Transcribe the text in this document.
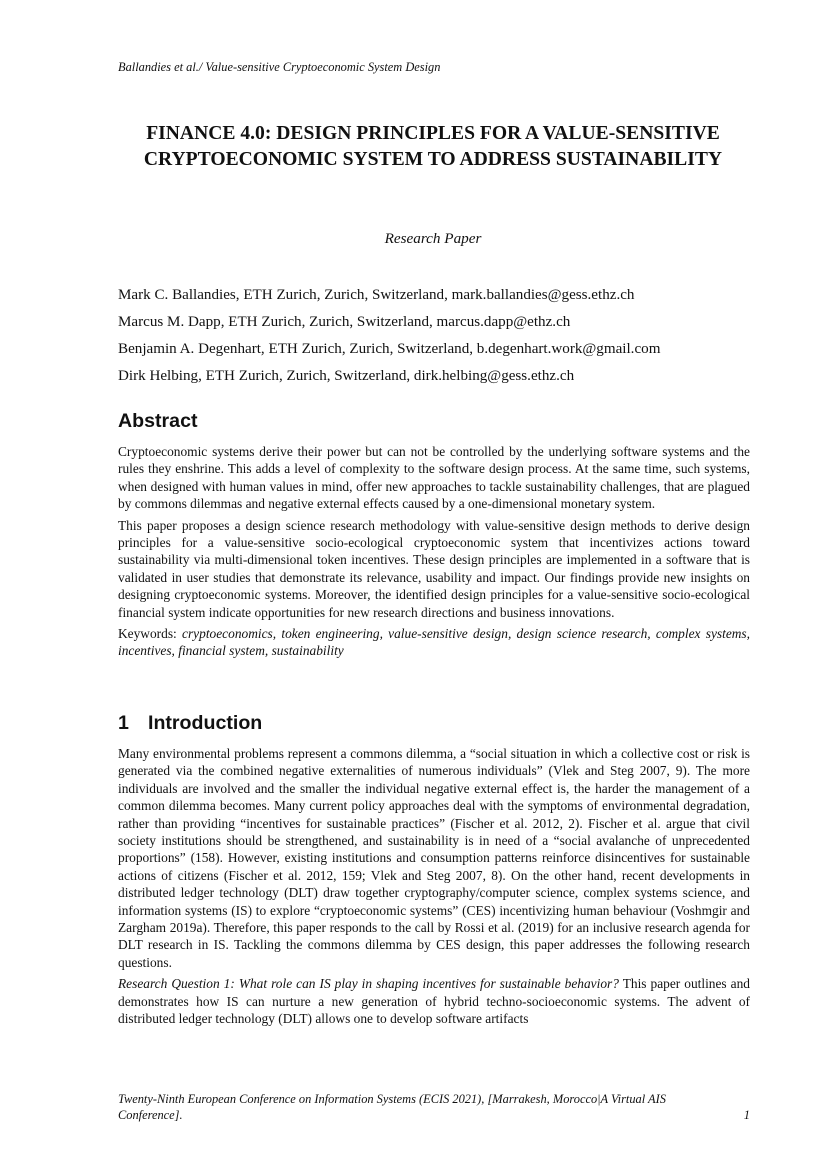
Ballandies et al./ Value-sensitive Cryptoeconomic System Design
FINANCE 4.0: DESIGN PRINCIPLES FOR A VALUE-SENSITIVE CRYPTOECONOMIC SYSTEM TO ADDRESS SUSTAINABILITY
Research Paper
Mark C. Ballandies, ETH Zurich, Zurich, Switzerland, mark.ballandies@gess.ethz.ch
Marcus M. Dapp, ETH Zurich, Zurich, Switzerland, marcus.dapp@ethz.ch
Benjamin A. Degenhart, ETH Zurich, Zurich, Switzerland, b.degenhart.work@gmail.com
Dirk Helbing, ETH Zurich, Zurich, Switzerland, dirk.helbing@gess.ethz.ch
Abstract

Cryptoeconomic systems derive their power but can not be controlled by the underlying software systems and the rules they enshrine. This adds a level of complexity to the software design process. At the same time, such systems, when designed with human values in mind, offer new approaches to tackle sustainability challenges, that are plagued by commons dilemmas and negative external effects caused by a one-dimensional monetary system.

This paper proposes a design science research methodology with value-sensitive design methods to derive design principles for a value-sensitive socio-ecological cryptoeconomic system that incentivizes actions toward sustainability via multi-dimensional token incentives. These design principles are implemented in a software that is validated in user studies that demonstrate its relevance, usability and impact. Our findings provide new insights on designing cryptoeconomic systems. Moreover, the identified design principles for a value-sensitive socio-ecological financial system indicate opportunities for new research directions and business innovations.

Keywords: cryptoeconomics, token engineering, value-sensitive design, design science research, complex systems, incentives, financial system, sustainability

1 Introduction

Many environmental problems represent a commons dilemma, a “social situation in which a collective cost or risk is generated via the combined negative externalities of numerous individuals” (Vlek and Steg 2007, 9). The more individuals are involved and the smaller the individual negative external effect is, the harder the management of a common dilemma becomes. Many current policy approaches deal with the symptoms of environmental degradation, rather than providing “incentives for sustainable practices” (Fischer et al. 2012, 2). Fischer et al. argue that civil society institutions should be strengthened, and sustainability is in need of a “social avalanche of unprecedented proportions” (158). However, existing institutions and consumption patterns reinforce disincentives for sustainable actions of citizens (Fischer et al. 2012, 159; Vlek and Steg 2007, 8). On the other hand, recent developments in distributed ledger technology (DLT) draw together cryptography/computer science, complex systems science, and information systems (IS) to explore “cryptoeconomic systems” (CES) incentivizing human behaviour (Voshmgir and Zargham 2019a). Therefore, this paper responds to the call by Rossi et al. (2019) for an inclusive research agenda for DLT research in IS. Tackling the commons dilemma by CES design, this paper addresses the following research questions.

Research Question 1: What role can IS play in shaping incentives for sustainable behavior? This paper outlines and demonstrates how IS can nurture a new generation of hybrid techno-socioeconomic systems. The advent of distributed ledger technology (DLT) allows one to develop software artifacts

Twenty-Ninth European Conference on Information Systems (ECIS 2021), [Marrakesh, Morocco|A Virtual AIS
Conference].	1
